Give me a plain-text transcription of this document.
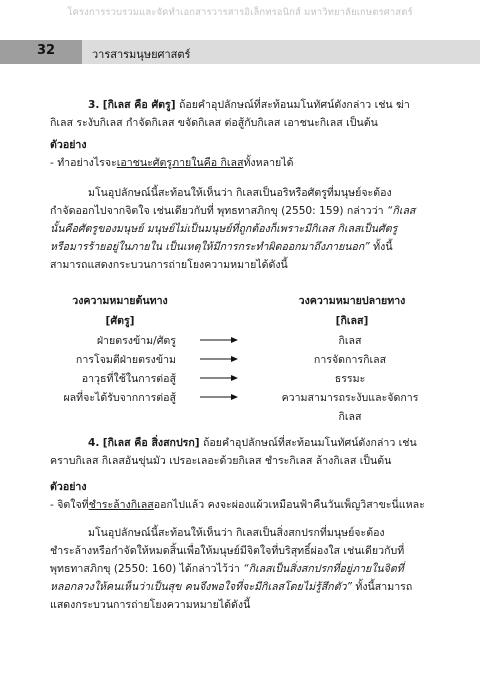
โครงการรวบรวมและจัดทำเอกสารวารสารอิเล็กทรอนิกส์ มหาวิทยาลัยเกษตรศาสตร์
32	วารสารมนุษยศาสตร์
3. [กิเลส คือ ศัตรู] ถ้อยคำอุปลักษณ์ที่สะท้อนมโนทัศน์ดังกล่าว เช่น ฆ่า
กิเลส ระงับกิเลส กำจัดกิเลส ขจัดกิเลส ต่อสู้กับกิเลส เอาชนะกิเลส เป็นต้น
ตัวอย่าง
- ทำอย่างไรจะเอาชนะศัตรูภายในคือ กิเลสทั้งหลายได้
มโนอุปลักษณ์นี้สะท้อนให้เห็นว่า กิเลสเป็นอริหรือศัตรูที่มนุษย์จะต้อง
กำจัดออกไปจากจิตใจ เช่นเดียวกับที่ พุทธทาสภิกขุ (2550: 159) กล่าวว่า “กิเลส
นั้นคือศัตรูของมนุษย์ มนุษย์ไม่เป็นมนุษย์ที่ถูกต้องก็เพราะมีกิเลส กิเลสเป็นศัตรู
หรือมารร้ายอยู่ในภายใน เป็นเหตุให้มีการกระทำผิดออกมาถึงภายนอก” ทั้งนี้
สามารถแสดงกระบวนการถ่ายโยงความหมายได้ดังนี้
วงความหมายต้นทาง	วงความหมายปลายทาง
[ศัตรู]	[กิเลส]
ฝ่ายตรงข้าม/ศัตรู	กิเลส
การโจมตีฝ่ายตรงข้าม	การจัดการกิเลส
อาวุธที่ใช้ในการต่อสู้	ธรรมะ
ผลที่จะได้รับจากการต่อสู้	ความสามารถระงับและจัดการ
กิเลส
4. [กิเลส คือ สิ่งสกปรก] ถ้อยคำอุปลักษณ์ที่สะท้อนมโนทัศน์ดังกล่าว เช่น
คราบกิเลส กิเลสอันขุ่นมัว เปรอะเลอะด้วยกิเลส ชำระกิเลส ล้างกิเลส เป็นต้น
ตัวอย่าง
- จิตใจที่ชำระล้างกิเลสออกไปแล้ว คงจะผ่องแผ้วเหมือนฟ้าคืนวันเพ็ญวิสาขะนี่แหละ
มโนอุปลักษณ์นี้สะท้อนให้เห็นว่า กิเลสเป็นสิ่งสกปรกที่มนุษย์จะต้อง
ชำระล้างหรือกำจัดให้หมดสิ้นเพื่อให้มนุษย์มีจิตใจที่บริสุทธิ์ผ่องใส เช่นเดียวกับที่
พุทธทาสภิกขุ (2550: 160) ได้กล่าวไว้ว่า “กิเลสเป็นสิ่งสกปรกที่อยู่ภายในจิตที่
หลอกลวงให้คนเห็นว่าเป็นสุข คนจึงพอใจที่จะมีกิเลสโดยไม่รู้สึกตัว” ทั้งนี้สามารถ
แสดงกระบวนการถ่ายโยงความหมายได้ดังนี้
